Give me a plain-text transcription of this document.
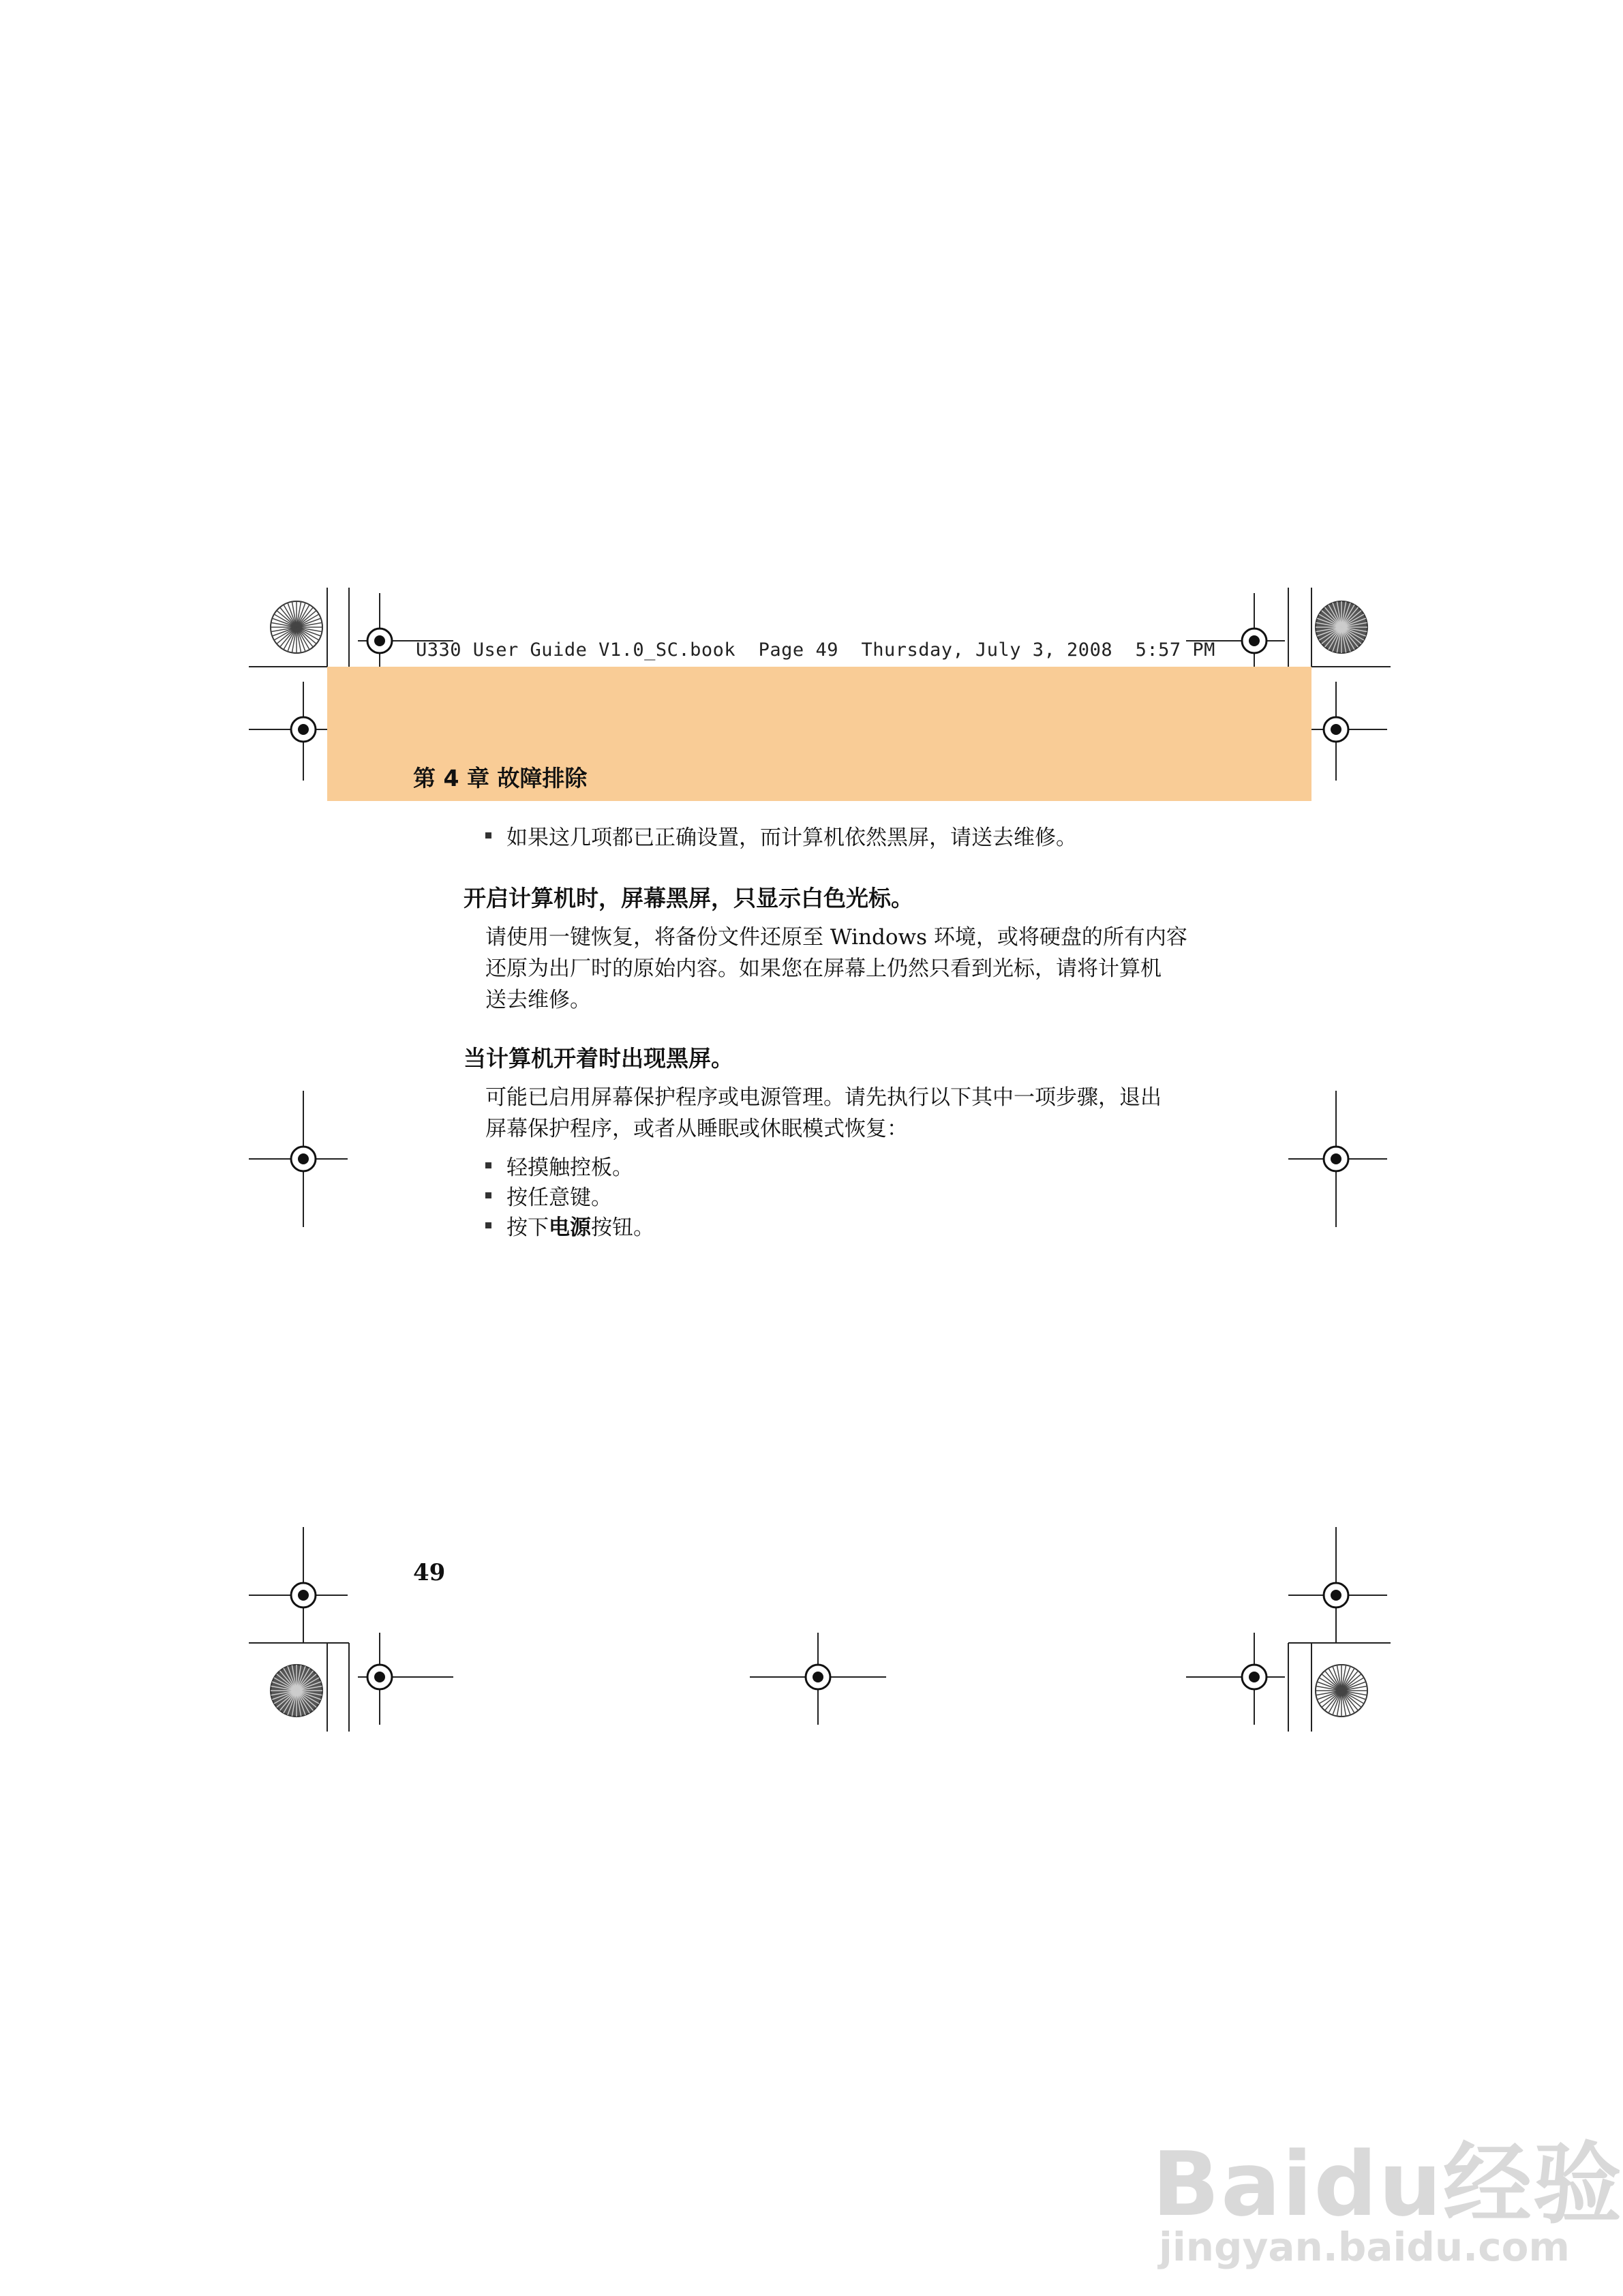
U330 User Guide V1.0_SC.book  Page 49  Thursday, July 3, 2008  5:57 PM
第 4 章 故障排除
如果这几项都已正确设置，而计算机依然黑屏，请送去维修。
开启计算机时，屏幕黑屏，只显示白色光标。
请使用一键恢复，将备份文件还原至 Windows 环境，或将硬盘的所有内容
还原为出厂时的原始内容。如果您在屏幕上仍然只看到光标，请将计算机
送去维修。
当计算机开着时出现黑屏。
可能已启用屏幕保护程序或电源管理。请先执行以下其中一项步骤，退出
屏幕保护程序，或者从睡眠或休眠模式恢复：
轻摸触控板。
按任意键。
按下 电源 按钮。
49
Baidu经验
jingyan.baidu.com
